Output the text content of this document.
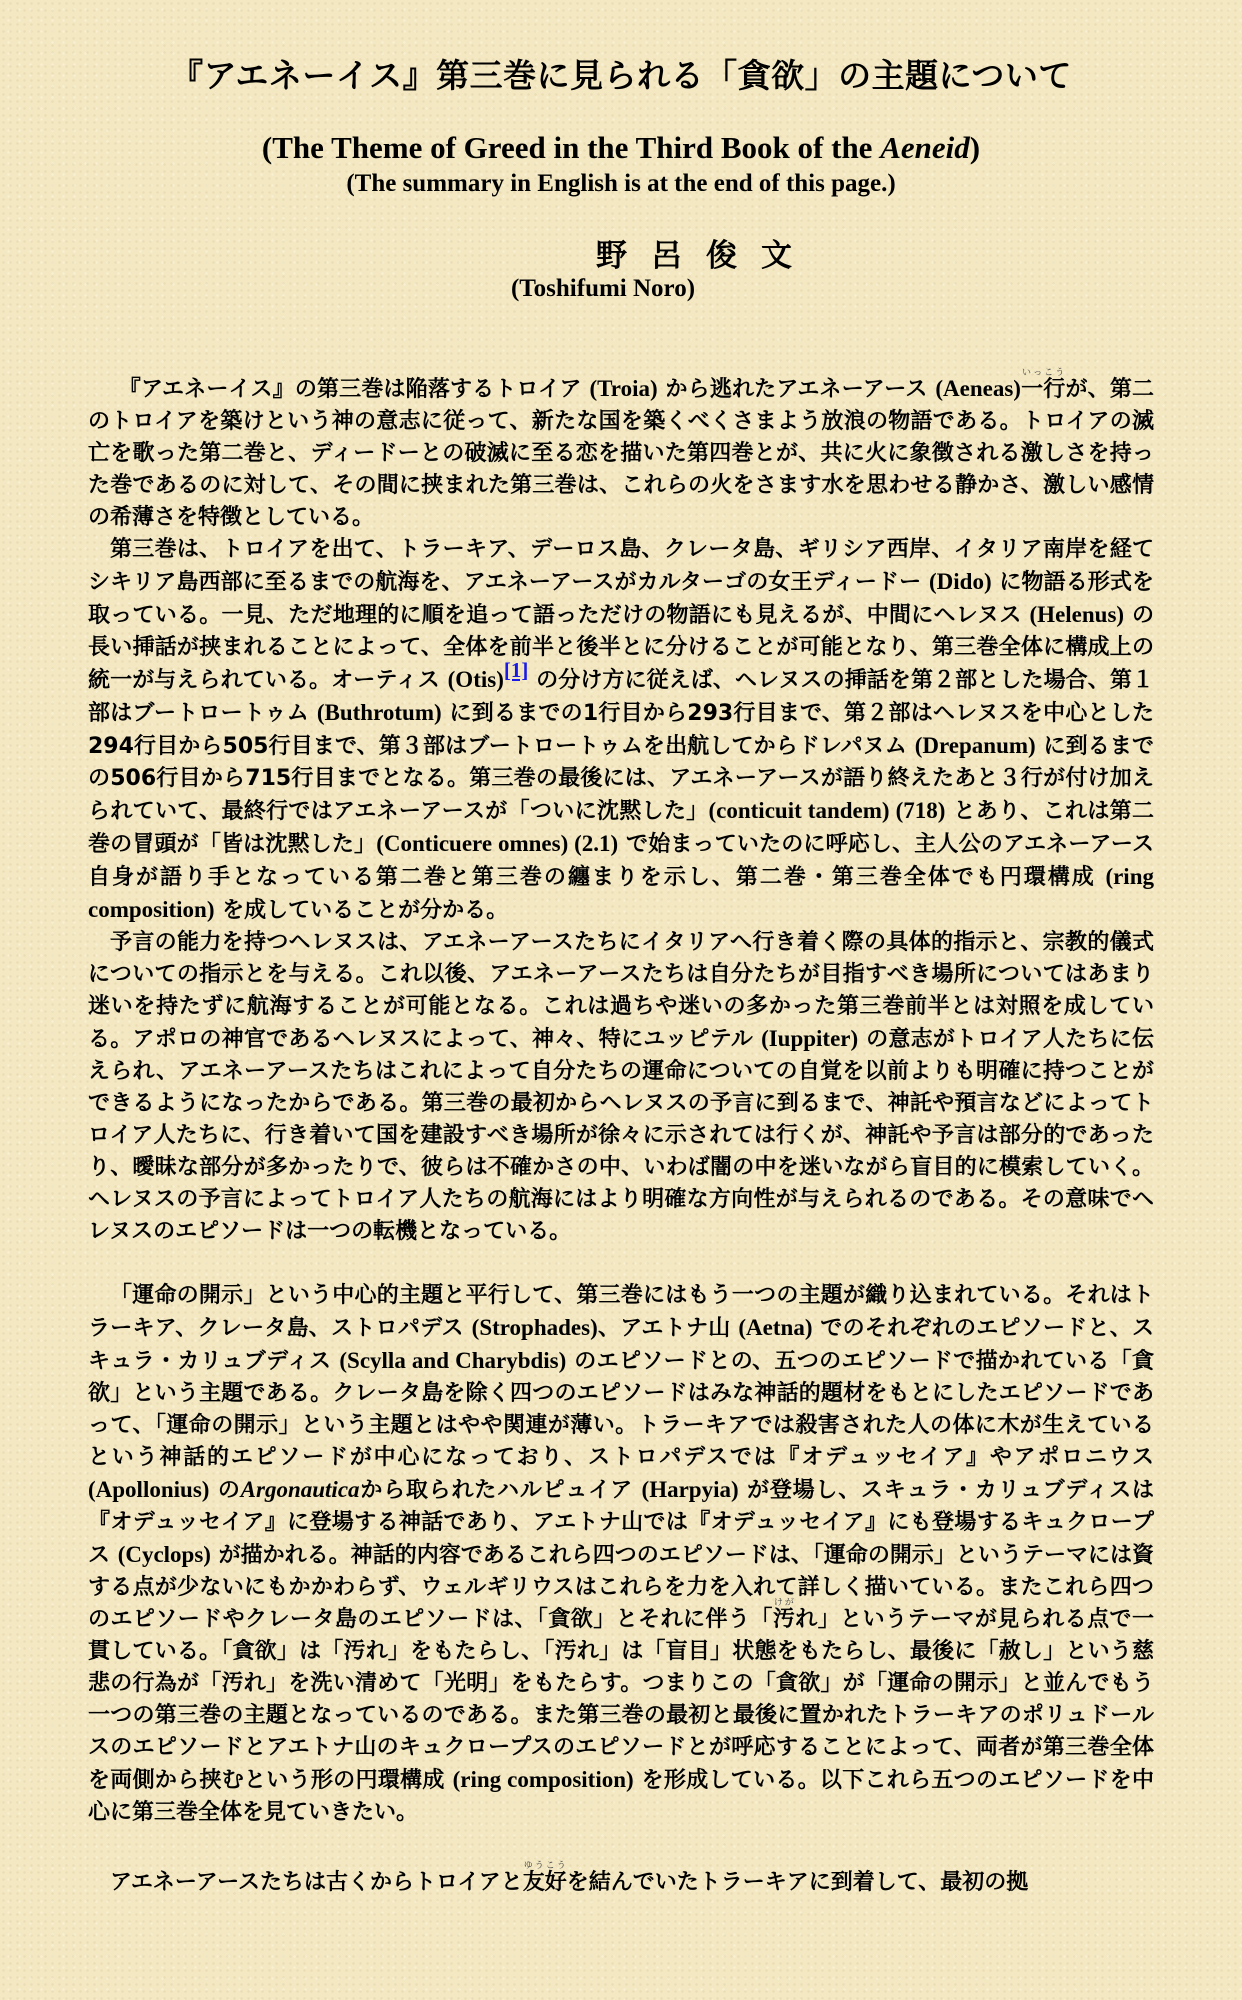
『アエネーイス』第三巻に見られる「貪欲」の主題について
(The Theme of Greed in the Third Book of the Aeneid)
(The summary in English is at the end of this page.)
野呂俊文
(Toshifumi Noro)

『アエネーイス』の第三巻は陥落するトロイア (Troia) から逃れたアエネーアース (Aeneas)一行いっこうが、第二のトロイアを築けという神の意志に従って、新たな国を築くべくさまよう放浪の物語である。トロイアの滅亡を歌った第二巻と、ディードーとの破滅に至る恋を描いた第四巻とが、共に火に象徴される激しさを持った巻であるのに対して、その間に挟まれた第三巻は、これらの火をさます水を思わせる静かさ、激しい感情の希薄さを特徴としている。

第三巻は、トロイアを出て、トラーキア、デーロス島、クレータ島、ギリシア西岸、イタリア南岸を経てシキリア島西部に至るまでの航海を、アエネーアースがカルターゴの女王ディードー (Dido) に物語る形式を取っている。一見、ただ地理的に順を追って語っただけの物語にも見えるが、中間にヘレヌス (Helenus) の長い挿話が挟まれることによって、全体を前半と後半とに分けることが可能となり、第三巻全体に構成上の統一が与えられている。オーティス (Otis)[1] の分け方に従えば、ヘレヌスの挿話を第２部とした場合、第１部はブートロートゥム (Buthrotum) に到るまでの1行目から293行目まで、第２部はヘレヌスを中心とした294行目から505行目まで、第３部はブートロートゥムを出航してからドレパヌム (Drepanum) に到るまでの506行目から715行目までとなる。第三巻の最後には、アエネーアースが語り終えたあと３行が付け加えられていて、最終行ではアエネーアースが「ついに沈黙した」(conticuit tandem) (718) とあり、これは第二巻の冒頭が「皆は沈黙した」(Conticuere omnes) (2.1) で始まっていたのに呼応し、主人公のアエネーアース自身が語り手となっている第二巻と第三巻の纏まりを示し、第二巻・第三巻全体でも円環構成 (ring composition) を成していることが分かる。

予言の能力を持つヘレヌスは、アエネーアースたちにイタリアへ行き着く際の具体的指示と、宗教的儀式についての指示とを与える。これ以後、アエネーアースたちは自分たちが目指すべき場所についてはあまり迷いを持たずに航海することが可能となる。これは過ちや迷いの多かった第三巻前半とは対照を成している。アポロの神官であるヘレヌスによって、神々、特にユッピテル (Iuppiter) の意志がトロイア人たちに伝えられ、アエネーアースたちはこれによって自分たちの運命についての自覚を以前よりも明確に持つことができるようになったからである。第三巻の最初からヘレヌスの予言に到るまで、神託や預言などによってトロイア人たちに、行き着いて国を建設すべき場所が徐々に示されては行くが、神託や予言は部分的であったり、曖昧な部分が多かったりで、彼らは不確かさの中、いわば闇の中を迷いながら盲目的に模索していく。ヘレヌスの予言によってトロイア人たちの航海にはより明確な方向性が与えられるのである。その意味でヘレヌスのエピソードは一つの転機となっている。

「運命の開示」という中心的主題と平行して、第三巻にはもう一つの主題が織り込まれている。それはトラーキア、クレータ島、ストロパデス (Strophades)、アエトナ山 (Aetna) でのそれぞれのエピソードと、スキュラ・カリュブディス (Scylla and Charybdis) のエピソードとの、五つのエピソードで描かれている「貪欲」という主題である。クレータ島を除く四つのエピソードはみな神話的題材をもとにしたエピソードであって、「運命の開示」という主題とはやや関連が薄い。トラーキアでは殺害された人の体に木が生えているという神話的エピソードが中心になっており、ストロパデスでは『オデュッセイア』やアポロニウス (Apollonius) のArgonauticaから取られたハルピュイア (Harpyia) が登場し、スキュラ・カリュブディスは『オデュッセイア』に登場する神話であり、アエトナ山では『オデュッセイア』にも登場するキュクロープス (Cyclops) が描かれる。神話的内容であるこれら四つのエピソードは、「運命の開示」というテーマには資する点が少ないにもかかわらず、ウェルギリウスはこれらを力を入れて詳しく描いている。またこれら四つのエピソードやクレータ島のエピソードは、「貪欲」とそれに伴う「汚けがれ」というテーマが見られる点で一貫している。「貪欲」は「汚れ」をもたらし、「汚れ」は「盲目」状態をもたらし、最後に「赦し」という慈悲の行為が「汚れ」を洗い清めて「光明」をもたらす。つまりこの「貪欲」が「運命の開示」と並んでもう一つの第三巻の主題となっているのである。また第三巻の最初と最後に置かれたトラーキアのポリュドールスのエピソードとアエトナ山のキュクロープスのエピソードとが呼応することによって、両者が第三巻全体を両側から挟むという形の円環構成 (ring composition) を形成している。以下これら五つのエピソードを中心に第三巻全体を見ていきたい。

アエネーアースたちは古くからトロイアと友好ゆうこうを結んでいたトラーキアに到着して、最初の拠
